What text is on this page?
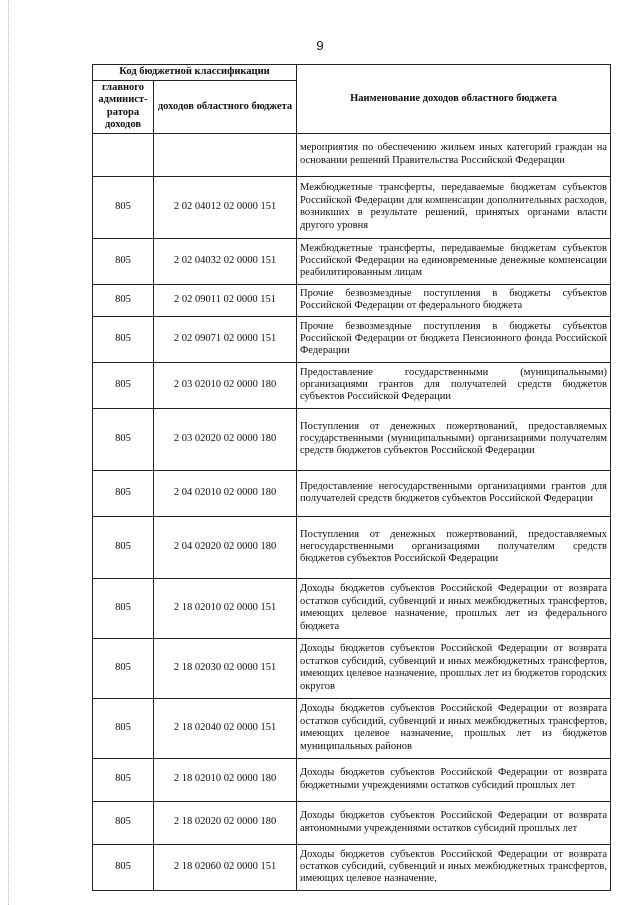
9
Код бюджетной классификации		Наименование доходов областного бюджета
главного админист-ратора доходов	доходов областного бюджета	
		мероприятия по обеспечению жильем иных категорий граждан на основании решений Правительства Российской Федерации
805	2 02 04012 02 0000 151	Межбюджетные трансферты, передаваемые бюджетам субъектов Российской Федерации для компенсации дополнительных расходов, возникших в результате решений, принятых органами власти другого уровня
805	2 02 04032 02 0000 151	Межбюджетные трансферты, передаваемые бюджетам субъектов Российской Федерации на единовременные денежные компенсации реабилитированным лицам
805	2 02 09011 02 0000 151	Прочие безвозмездные поступления в бюджеты субъектов Российской Федерации от федерального бюджета
805	2 02 09071 02 0000 151	Прочие безвозмездные поступления в бюджеты субъектов Российской Федерации от бюджета Пенсионного фонда Российской Федерации
805	2 03 02010 02 0000 180	Предоставление государственными (муниципальными) организациями грантов для получателей средств бюджетов субъектов Российской Федерации
805	2 03 02020 02 0000 180	Поступления от денежных пожертвований, предоставляемых государственными (муниципальными) организациями получателям средств бюджетов субъектов Российской Федерации
805	2 04 02010 02 0000 180	Предоставление негосударственными организациями грантов для получателей средств бюджетов субъектов Российской Федерации
805	2 04 02020 02 0000 180	Поступления от денежных пожертвований, предоставляемых негосударственными организациями получателям средств бюджетов субъектов Российской Федерации
805	2 18 02010 02 0000 151	Доходы бюджетов субъектов Российской Федерации от возврата остатков субсидий, субвенций и иных межбюджетных трансфертов, имеющих целевое назначение, прошлых лет из федерального бюджета
805	2 18 02030 02 0000 151	Доходы бюджетов субъектов Российской Федерации от возврата остатков субсидий, субвенций и иных межбюджетных трансфертов, имеющих целевое назначение, прошлых лет из бюджетов городских округов
805	2 18 02040 02 0000 151	Доходы бюджетов субъектов Российской Федерации от возврата остатков субсидий, субвенций и иных межбюджетных трансфертов, имеющих целевое назначение, прошлых лет из бюджетов муниципальных районов
805	2 18 02010 02 0000 180	Доходы бюджетов субъектов Российской Федерации от возврата бюджетными учреждениями остатков субсидий прошлых лет
805	2 18 02020 02 0000 180	Доходы бюджетов субъектов Российской Федерации от возврата автономными учреждениями остатков субсидий прошлых лет
805	2 18 02060 02 0000 151	Доходы бюджетов субъектов Российской Федерации от возврата остатков субсидий, субвенций и иных межбюджетных трансфертов, имеющих целевое назначение,
